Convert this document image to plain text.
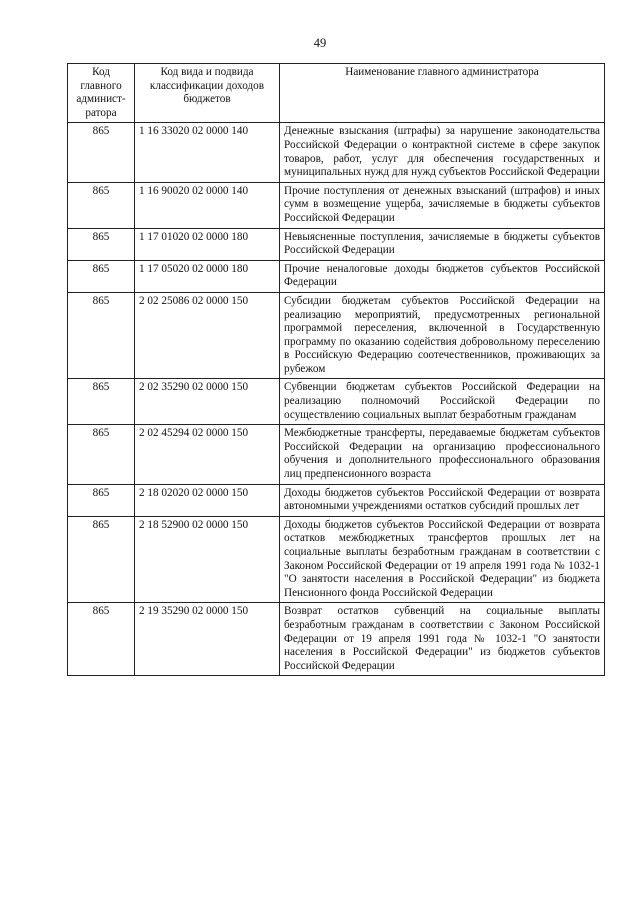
49
Код главного админист-ратора	Код вида и подвида классификации доходов бюджетов	Наименование главного администратора
865	1 16 33020 02 0000 140	Денежные взыскания (штрафы) за нарушение законодательства Российской Федерации о контрактной системе в сфере закупок товаров, работ, услуг для обеспечения государственных и муниципальных нужд для нужд субъектов Российской Федерации
865	1 16 90020 02 0000 140	Прочие поступления от денежных взысканий (штрафов) и иных сумм в возмещение ущерба, зачисляемые в бюджеты субъектов Российской Федерации
865	1 17 01020 02 0000 180	Невыясненные поступления, зачисляемые в бюджеты субъектов Российской Федерации
865	1 17 05020 02 0000 180	Прочие неналоговые доходы бюджетов субъектов Российской Федерации
865	2 02 25086 02 0000 150	Субсидии бюджетам субъектов Российской Федерации на реализацию мероприятий, предусмотренных региональной программой переселения, включенной в Государственную программу по оказанию содействия добровольному переселению в Российскую Федерацию соотечественников, проживающих за рубежом
865	2 02 35290 02 0000 150	Субвенции бюджетам субъектов Российской Федерации на реализацию полномочий Российской Федерации по осуществлению социальных выплат безработным гражданам
865	2 02 45294 02 0000 150	Межбюджетные трансферты, передаваемые бюджетам субъектов Российской Федерации на организацию профессионального обучения и дополнительного профессионального образования лиц предпенсионного возраста
865	2 18 02020 02 0000 150	Доходы бюджетов субъектов Российской Федерации от возврата автономными учреждениями остатков субсидий прошлых лет
865	2 18 52900 02 0000 150	Доходы бюджетов субъектов Российской Федерации от возврата остатков межбюджетных трансфертов прошлых лет на социальные выплаты безработным гражданам в соответствии с Законом Российской Федерации от 19 апреля 1991 года № 1032-1 "О занятости населения в Российской Федерации" из бюджета Пенсионного фонда Российской Федерации
865	2 19 35290 02 0000 150	Возврат остатков субвенций на социальные выплаты безработным гражданам в соответствии с Законом Российской Федерации от 19 апреля 1991 года № 1032-1 "О занятости населения в Российской Федерации" из бюджетов субъектов Российской Федерации
